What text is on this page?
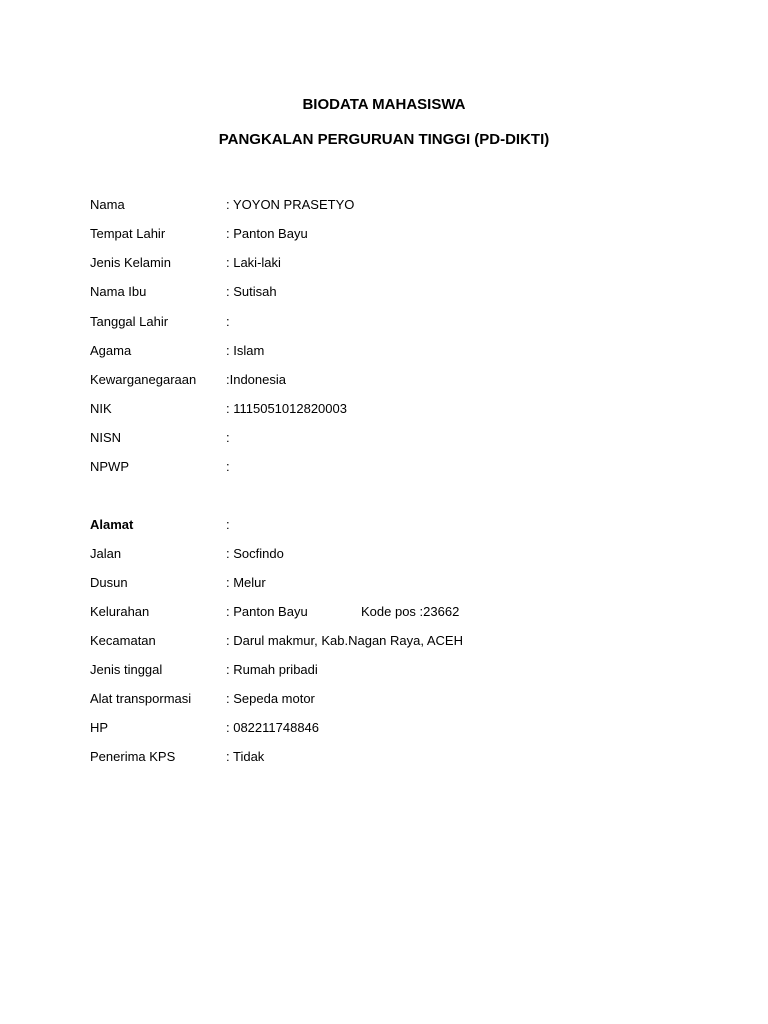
BIODATA MAHASISWA
PANGKALAN PERGURUAN TINGGI (PD-DIKTI)
Nama	: YOYON PRASETYO
Tempat Lahir	: Panton Bayu
Jenis Kelamin	: Laki-laki
Nama Ibu	: Sutisah
Tanggal Lahir	:
Agama	: Islam
Kewarganegaraan :Indonesia
NIK	: 1115051012820003
NISN	:
NPWP	:
Alamat	:
Jalan	: Socfindo
Dusun	: Melur
Kelurahan	: Panton Bayu	Kode pos :23662
Kecamatan	: Darul makmur, Kab.Nagan Raya, ACEH
Jenis tinggal	: Rumah pribadi
Alat transpormasi	: Sepeda motor
HP	: 082211748846
Penerima KPS	: Tidak
